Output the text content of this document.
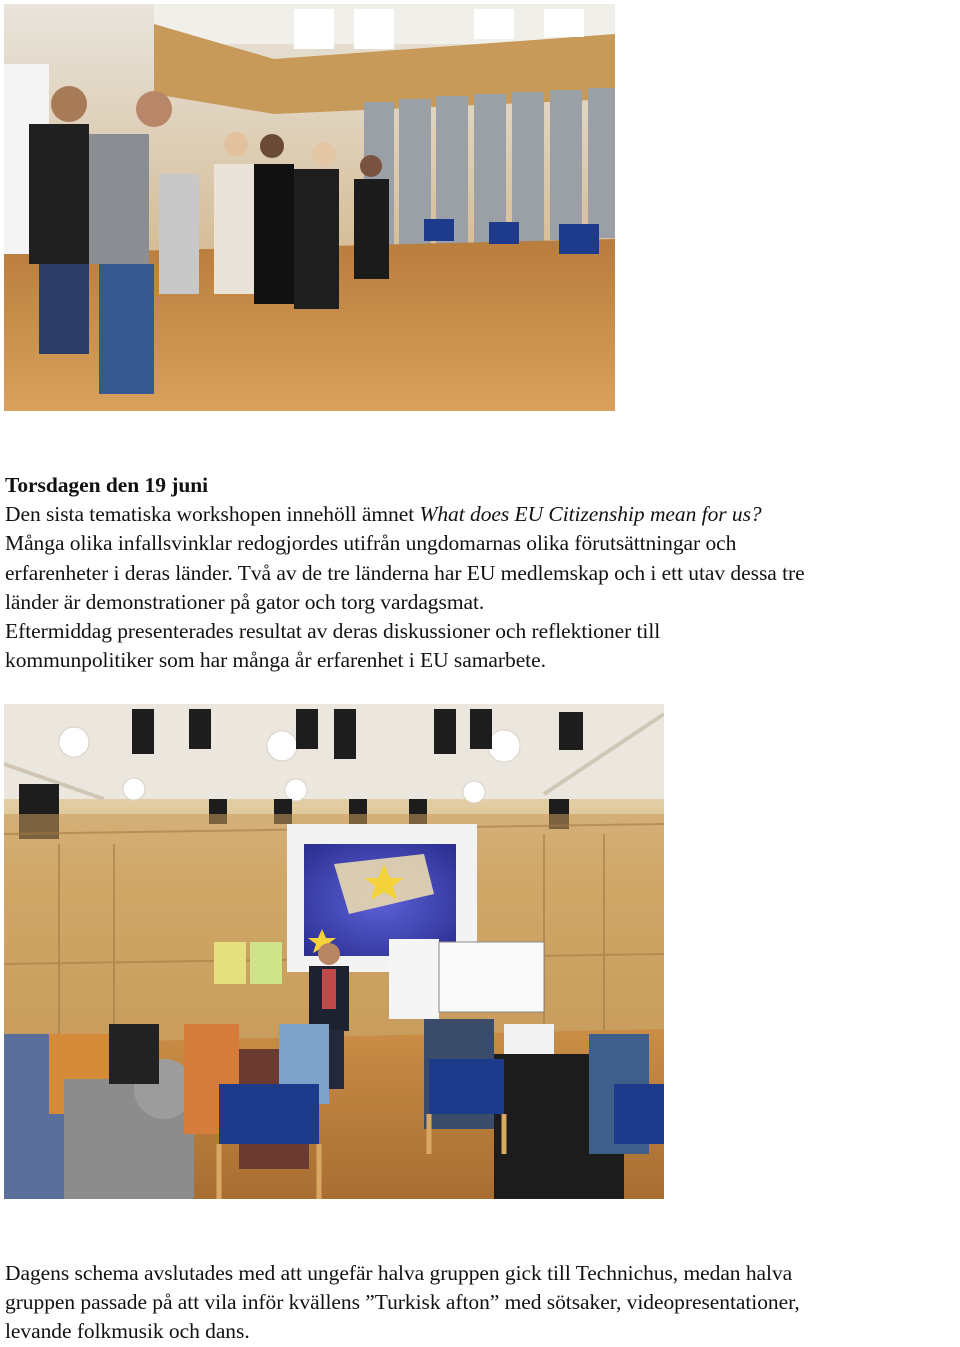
Torsdagen den 19 juni
Den sista tematiska workshopen innehöll ämnet What does EU Citizenship mean for us?
Många olika infallsvinklar redogjordes utifrån ungdomarnas olika förutsättningar och
erfarenheter i deras länder. Två av de tre länderna har EU medlemskap och i ett utav dessa tre
länder är demonstrationer på gator och torg vardagsmat.
Eftermiddag presenterades resultat av deras diskussioner och reflektioner till
kommunpolitiker som har många år erfarenhet i EU samarbete.
Dagens schema avslutades med att ungefär halva gruppen gick till Technichus, medan halva
gruppen passade på att vila inför kvällens ”Turkisk afton” med sötsaker, videopresentationer,
levande folkmusik och dans.
